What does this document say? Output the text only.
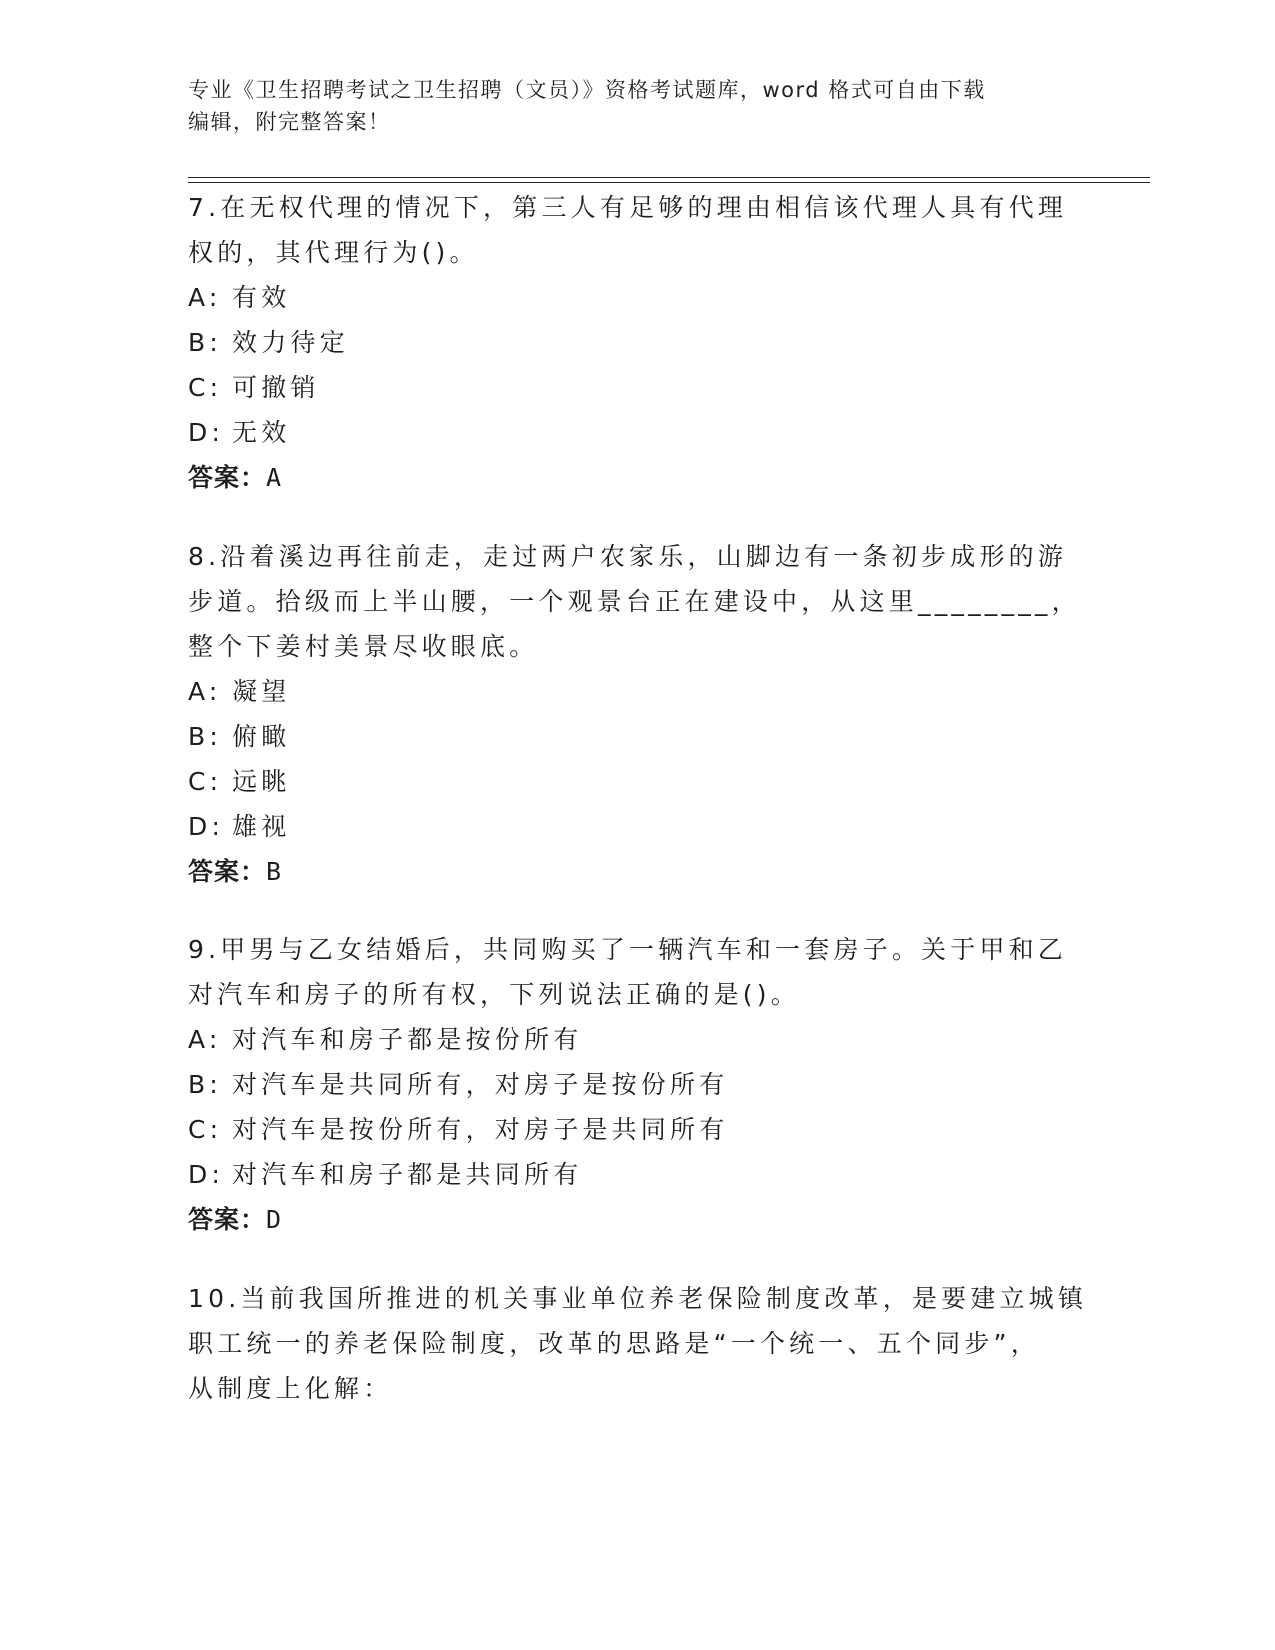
专业《卫生招聘考试之卫生招聘（文员）》资格考试题库，word 格式可自由下载
编辑，附完整答案！
7.在无权代理的情况下，第三人有足够的理由相信该代理人具有代理
权的，其代理行为()。
A: 有效
B: 效力待定
C: 可撤销
D: 无效
答案：A
8.沿着溪边再往前走，走过两户农家乐，山脚边有一条初步成形的游
步道。拾级而上半山腰，一个观景台正在建设中，从这里________，
整个下姜村美景尽收眼底。
A: 凝望
B: 俯瞰
C: 远眺
D: 雄视
答案：B
9.甲男与乙女结婚后，共同购买了一辆汽车和一套房子。关于甲和乙
对汽车和房子的所有权，下列说法正确的是()。
A: 对汽车和房子都是按份所有
B: 对汽车是共同所有，对房子是按份所有
C: 对汽车是按份所有，对房子是共同所有
D: 对汽车和房子都是共同所有
答案：D
10.当前我国所推进的机关事业单位养老保险制度改革，是要建立城镇
职工统一的养老保险制度，改革的思路是“一个统一、五个同步”，
从制度上化解：
